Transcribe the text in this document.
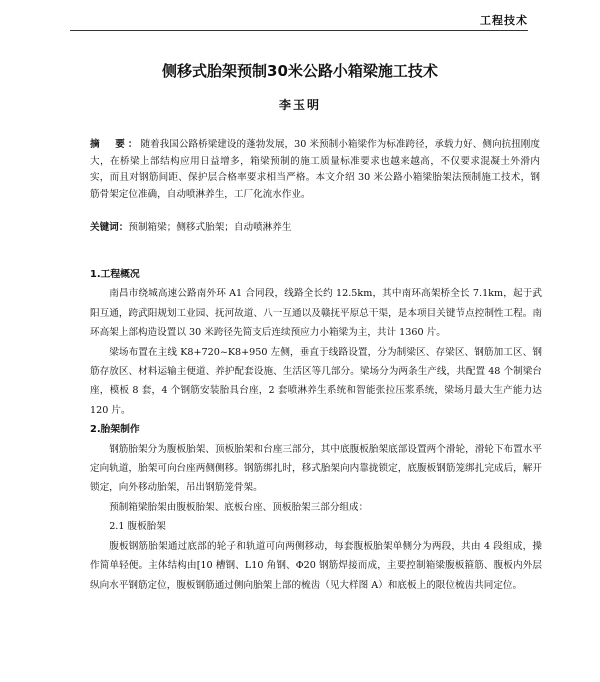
工程技术
侧移式胎架预制30米公路小箱梁施工技术
李玉明
摘　要：随着我国公路桥梁建设的蓬勃发展，30 米预制小箱梁作为标准跨径，承载力好、侧向抗扭刚度大，在桥梁上部结构应用日益增多，箱梁预制的施工质量标准要求也越来越高，不仅要求混凝土外滑内实，而且对钢筋间距、保护层合格率要求相当严格。本文介绍 30 米公路小箱梁胎架法预制施工技术，钢筋骨架定位准确，自动喷淋养生，工厂化流水作业。
关键词：预制箱梁；侧移式胎架；自动喷淋养生
1.工程概况

南昌市绕城高速公路南外环 A1 合同段，线路全长约 12.5km，其中南环高架桥全长 7.1km，起于武阳互通，跨武阳规划工业园、抚河故道、八一互通以及赣抚平原总干渠，是本项目关键节点控制性工程。南环高架上部构造设置以 30 米跨径先简支后连续预应力小箱梁为主，共计 1360 片。

梁场布置在主线 K8+720~K8+950 左侧，垂直于线路设置，分为制梁区、存梁区、钢筋加工区、钢筋存放区、材料运输主便道、养护配套设施、生活区等几部分。梁场分为两条生产线，共配置 48 个制梁台座，模板 8 套，4 个钢筋安装胎具台座，2 套喷淋养生系统和智能张拉压浆系统，梁场月最大生产能力达 120 片。

2.胎架制作

钢筋胎架分为腹板胎架、顶板胎架和台座三部分，其中底腹板胎架底部设置两个滑轮，滑轮下布置水平定向轨道，胎架可向台座两侧侧移。钢筋绑扎时，移式胎架向内靠拢锁定，底腹板钢筋笼绑扎完成后，解开锁定，向外移动胎架，吊出钢筋笼骨架。

预制箱梁胎架由腹板胎架、底板台座、顶板胎架三部分组成：

2.1 腹板胎架

腹板钢筋胎架通过底部的轮子和轨道可向两侧移动，每套腹板胎架单侧分为两段，共由 4 段组成，操作简单轻便。主体结构由[10 槽钢、L10 角钢、Φ20 钢筋焊接而成，主要控制箱梁腹板箍筋、腹板内外层纵向水平钢筋定位，腹板钢筋通过侧向胎架上部的梳齿（见大样图 A）和底板上的限位梳齿共同定位。
